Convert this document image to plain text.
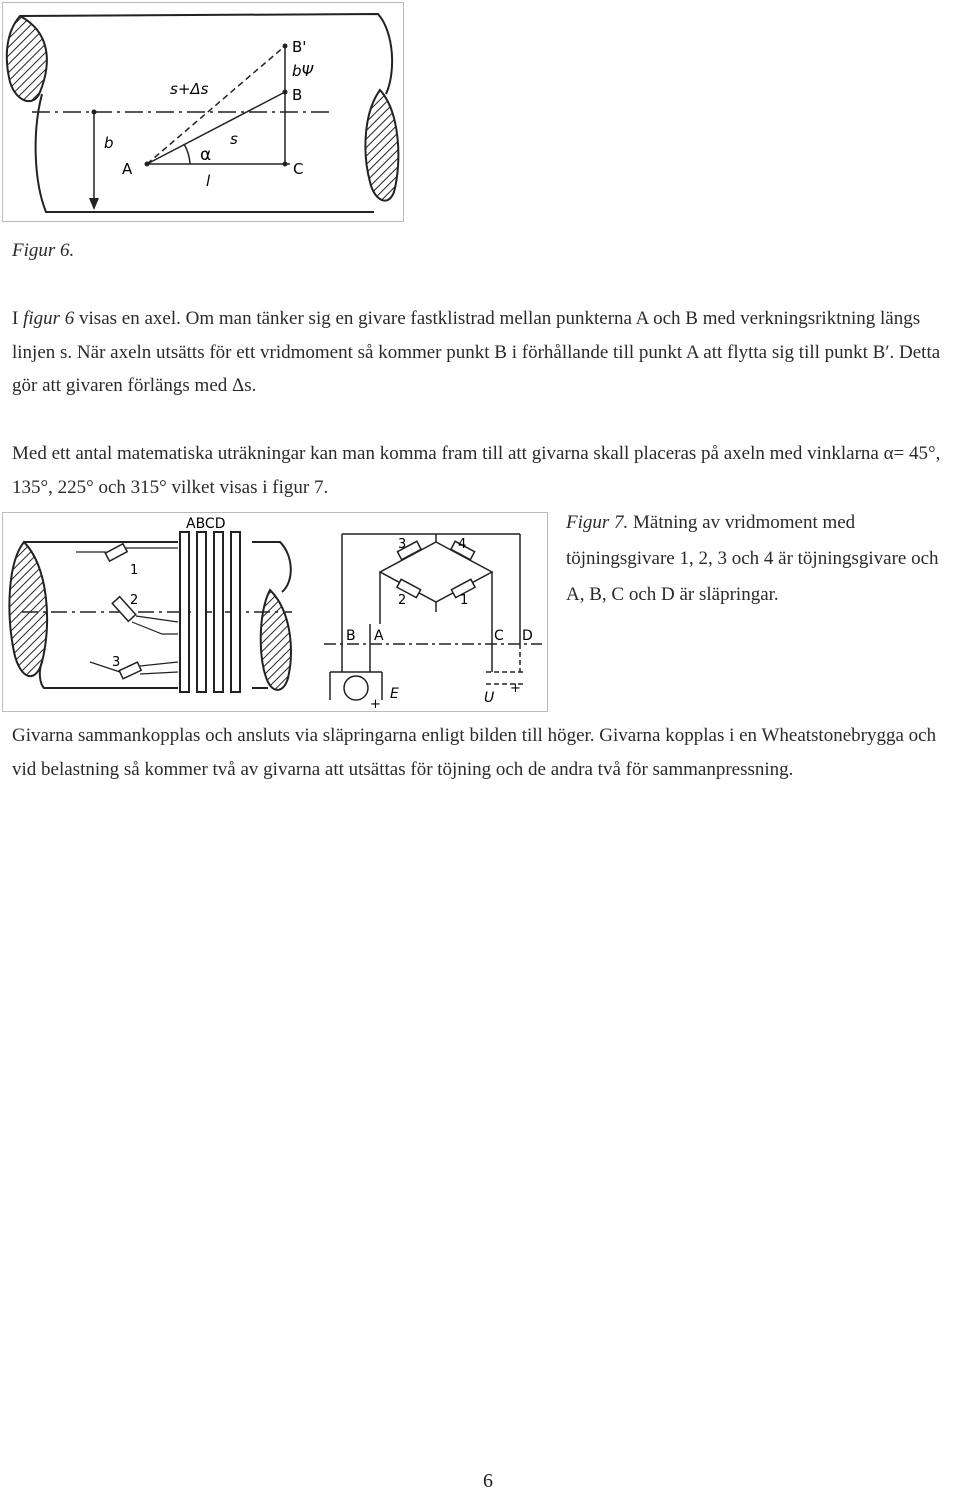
B'
bΨ
B
s+Δs
s
α
A	C
l
b

Figur 6.

I figur 6 visas en axel. Om man tänker sig en givare fastklistrad mellan punkterna A och B med verkningsriktning längs linjen s. När axeln utsätts för ett vridmoment så kommer punkt B i förhållande till punkt A att flytta sig till punkt B′. Detta gör att givaren förlängs med Δs.

Med ett antal matematiska uträkningar kan man komma fram till att givarna skall placeras på axeln med vinklarna α= 45°, 135°, 225° och 315° vilket visas i figur 7.

ABCD
1
2
3
3	4
2	1
B A	C D
E
+	U
+

Figur 7. Mätning av vridmoment med töjningsgivare 1, 2, 3 och 4 är töjningsgivare och A, B, C och D är släpringar.

Givarna sammankopplas och ansluts via släpringarna enligt bilden till höger. Givarna kopplas i en Wheatstonebrygga och vid belastning så kommer två av givarna att utsättas för töjning och de andra två för sammanpressning.

6
